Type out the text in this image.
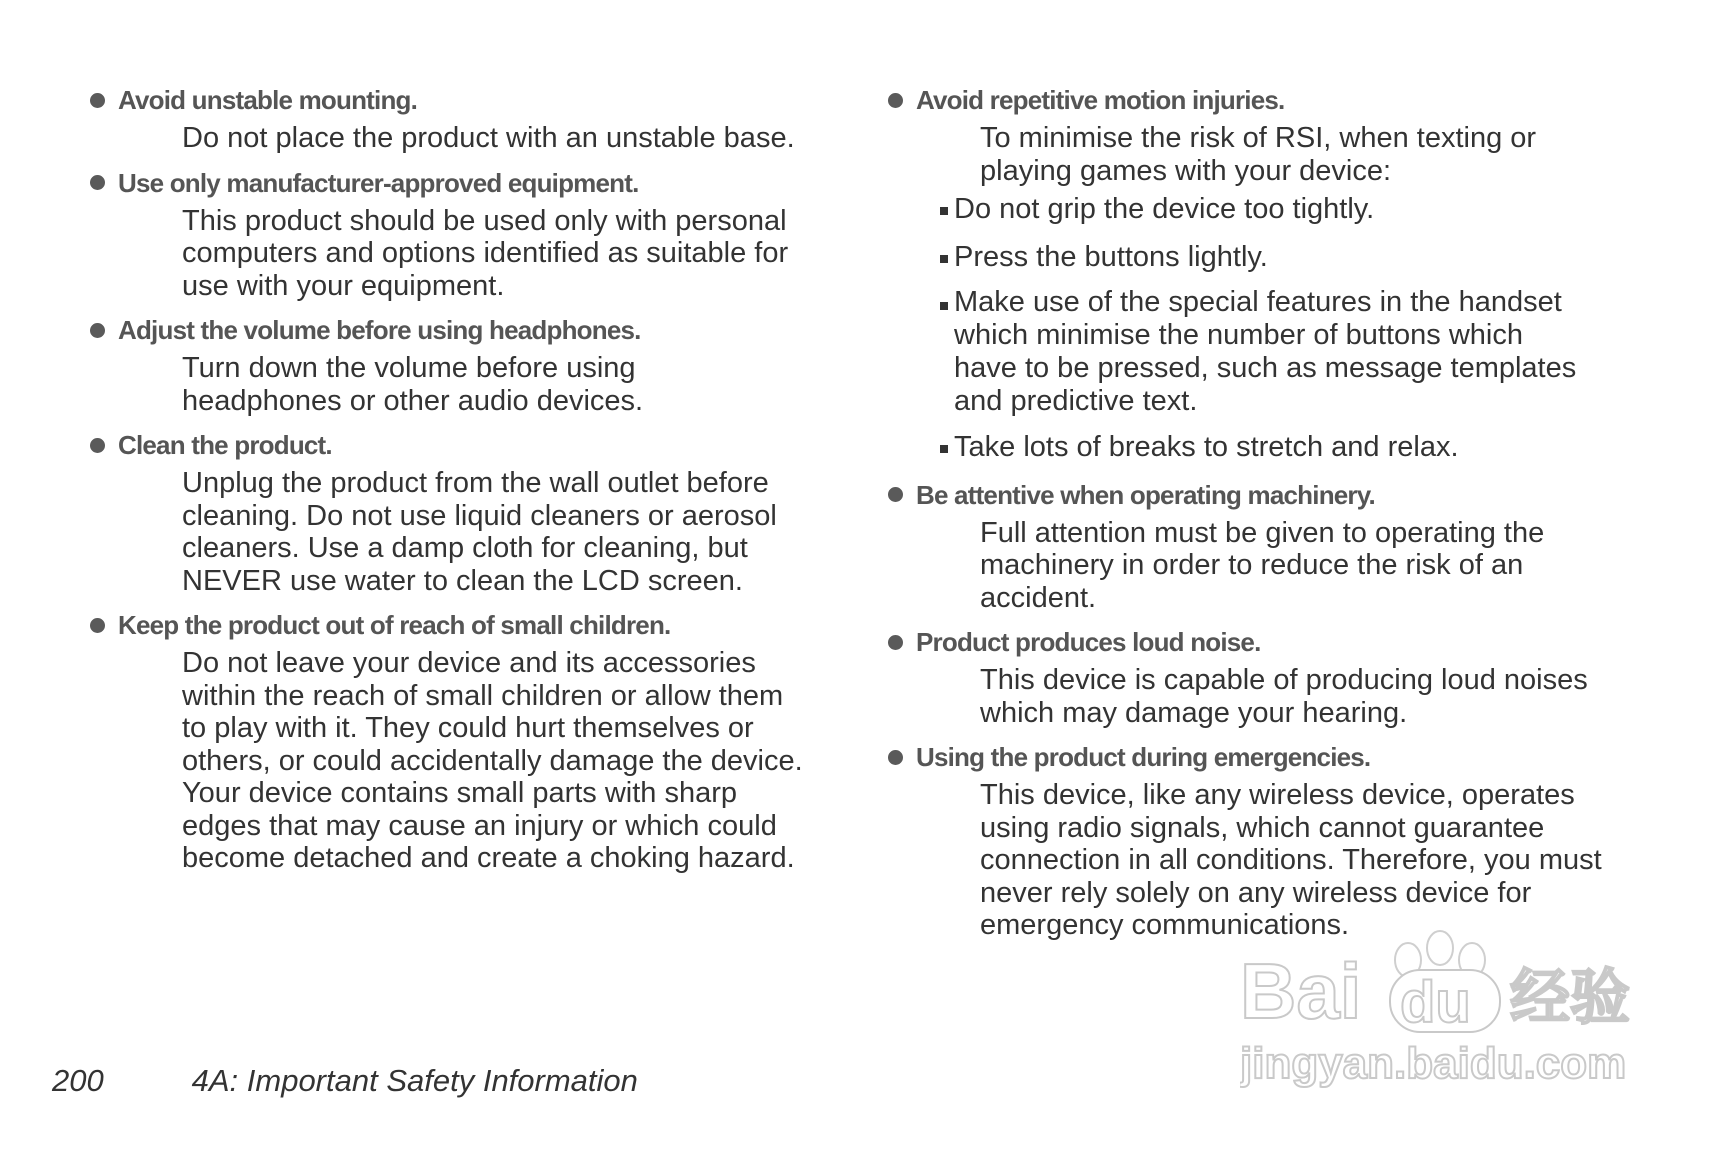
Avoid unstable mounting.
Do not place the product with an unstable base.
Use only manufacturer-approved equipment.
This product should be used only with personal
computers and options identified as suitable for
use with your equipment.
Adjust the volume before using headphones.
Turn down the volume before using
headphones or other audio devices.
Clean the product.
Unplug the product from the wall outlet before
cleaning. Do not use liquid cleaners or aerosol
cleaners. Use a damp cloth for cleaning, but
NEVER use water to clean the LCD screen.
Keep the product out of reach of small children.
Do not leave your device and its accessories
within the reach of small children or allow them
to play with it. They could hurt themselves or
others, or could accidentally damage the device.
Your device contains small parts with sharp
edges that may cause an injury or which could
become detached and create a choking hazard.
Avoid repetitive motion injuries.
To minimise the risk of RSI, when texting or
playing games with your device:
Do not grip the device too tightly.
Press the buttons lightly.
Make use of the special features in the handset
which minimise the number of buttons which
have to be pressed, such as message templates
and predictive text.
Take lots of breaks to stretch and relax.
Be attentive when operating machinery.
Full attention must be given to operating the
machinery in order to reduce the risk of an
accident.
Product produces loud noise.
This device is capable of producing loud noises
which may damage your hearing.
Using the product during emergencies.
This device, like any wireless device, operates
using radio signals, which cannot guarantee
connection in all conditions. Therefore, you must
never rely solely on any wireless device for
emergency communications.
200	4A: Important Safety Information
Bai du 经验
jingyan.baidu.com
